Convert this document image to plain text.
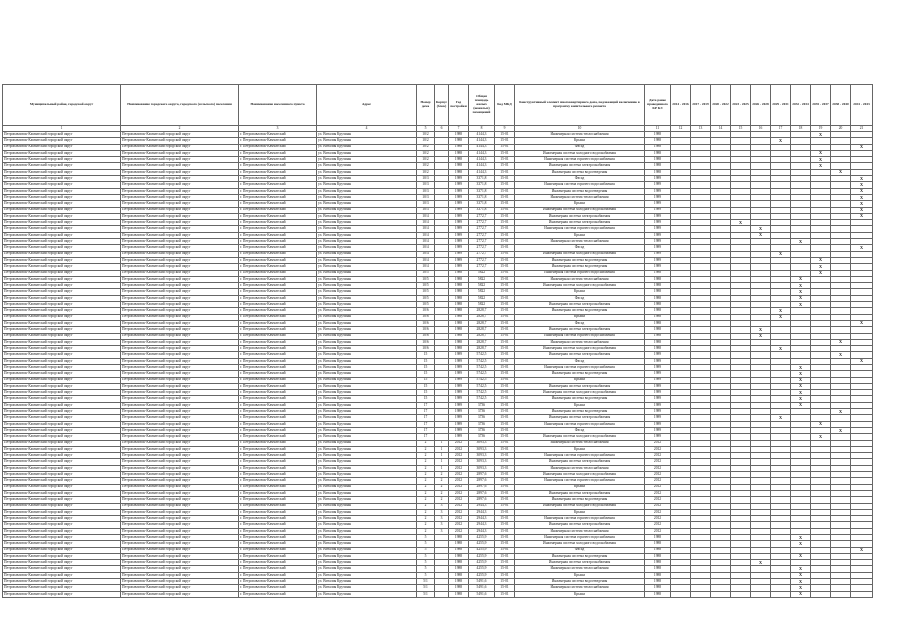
Муниципальный район, городской округ	Наименование городского округа, городского (сельского) поселения	Наименование населенного пункта	Адрес	Номер дома	Корпус (блок)	Год постройки	Общая площадь жилых (нежилых) помещений	Код МКД	Конструктивный элемент многоквартирного дома, подлежащий включению в программу капитального ремонта	Дата ранее проведенного КР КЭ	2014 - 2016	2017 - 2019	2020 - 2022	2023 - 2025	2026 - 2028	2029 - 2031	2032 - 2034	2035 - 2037	2038 - 2040	2041 - 2043
1	2	3	4	5	6	7	8	9	10	11	12	13	14	15	16	17	18	19	20	21
Петропавловск-Камчатский городской округ	Петропавловск-Камчатский городской округ	г. Петропавловск-Камчатский	ул. Виталия Кручины	10/2		1988	4144,3	15-01	Инженерная система теплоснабжения	1988								X		
Петропавловск-Камчатский городской округ	Петропавловск-Камчатский городской округ	г. Петропавловск-Камчатский	ул. Виталия Кручины	10/2		1988	4144,3	15-01	Крыша	1988						X				
Петропавловск-Камчатский городской округ	Петропавловск-Камчатский городской округ	г. Петропавловск-Камчатский	ул. Виталия Кручины	10/2		1988	4144,3	15-01	Фасад	1988										X
Петропавловск-Камчатский городской округ	Петропавловск-Камчатский городской округ	г. Петропавловск-Камчатский	ул. Виталия Кручины	10/2		1988	4144,3	15-01	Инженерная система холодного водоснабжения	1988								X		
Петропавловск-Камчатский городской округ	Петропавловск-Камчатский городской округ	г. Петропавловск-Камчатский	ул. Виталия Кручины	10/2		1988	4144,3	15-01	Инженерная система горячего водоснабжения	1988								X		
Петропавловск-Камчатский городской округ	Петропавловск-Камчатский городской округ	г. Петропавловск-Камчатский	ул. Виталия Кручины	10/2		1988	4144,3	15-01	Инженерная система электроснабжения	1988								X		
Петропавловск-Камчатский городской округ	Петропавловск-Камчатский городской округ	г. Петропавловск-Камчатский	ул. Виталия Кручины	10/2		1988	4144,3	15-01	Инженерная система водоотведения	1988									X	
Петропавловск-Камчатский городской округ	Петропавловск-Камчатский городской округ	г. Петропавловск-Камчатский	ул. Виталия Кручины	10/3		1989	3371,8	15-01	Фасад	1989										X
Петропавловск-Камчатский городской округ	Петропавловск-Камчатский городской округ	г. Петропавловск-Камчатский	ул. Виталия Кручины	10/3		1989	3371,8	15-01	Инженерная система горячего водоснабжения	1989										X
Петропавловск-Камчатский городской округ	Петропавловск-Камчатский городской округ	г. Петропавловск-Камчатский	ул. Виталия Кручины	10/3		1989	3371,8	15-01	Инженерная система водоотведения	1989										X
Петропавловск-Камчатский городской округ	Петропавловск-Камчатский городской округ	г. Петропавловск-Камчатский	ул. Виталия Кручины	10/3		1989	3371,8	15-01	Инженерная система теплоснабжения	1989										X
Петропавловск-Камчатский городской округ	Петропавловск-Камчатский городской округ	г. Петропавловск-Камчатский	ул. Виталия Кручины	10/3		1989	3371,8	15-01	Крыша	1989										X
Петропавловск-Камчатский городской округ	Петропавловск-Камчатский городской округ	г. Петропавловск-Камчатский	ул. Виталия Кручины	10/3		1989	3371,8	15-01	Инженерная система холодного водоснабжения	1989										X
Петропавловск-Камчатский городской округ	Петропавловск-Камчатский городской округ	г. Петропавловск-Камчатский	ул. Виталия Кручины	10/4		1989	2772,7	15-01	Инженерная система электроснабжения	1989										X
Петропавловск-Камчатский городской округ	Петропавловск-Камчатский городской округ	г. Петропавловск-Камчатский	ул. Виталия Кручины	10/4		1989	2772,7	15-01	Инженерная система электроснабжения	1989				X						
Петропавловск-Камчатский городской округ	Петропавловск-Камчатский городской округ	г. Петропавловск-Камчатский	ул. Виталия Кручины	10/4		1989	2772,7	15-01	Инженерная система горячего водоснабжения	1989					X					
Петропавловск-Камчатский городской округ	Петропавловск-Камчатский городской округ	г. Петропавловск-Камчатский	ул. Виталия Кручины	10/4		1989	2772,7	15-01	Крыша	1989					X					
Петропавловск-Камчатский городской округ	Петропавловск-Камчатский городской округ	г. Петропавловск-Камчатский	ул. Виталия Кручины	10/4		1989	2772,7	15-01	Инженерная система теплоснабжения	1989							X			
Петропавловск-Камчатский городской округ	Петропавловск-Камчатский городской округ	г. Петропавловск-Камчатский	ул. Виталия Кручины	10/4		1989	2772,7	15-01	Фасад	1989										X
Петропавловск-Камчатский городской округ	Петропавловск-Камчатский городской округ	г. Петропавловск-Камчатский	ул. Виталия Кручины	10/4		1989	2772,7	15-01	Инженерная система холодного водоснабжения	1989						X				
Петропавловск-Камчатский городской округ	Петропавловск-Камчатский городской округ	г. Петропавловск-Камчатский	ул. Виталия Кручины	10/4		1989	2772,7	15-01	Инженерная система водоотведения	1989								X		
Петропавловск-Камчатский городской округ	Петропавловск-Камчатский городской округ	г. Петропавловск-Камчатский	ул. Виталия Кручины	10/4		1989	2772,7	15-01	Инженерная система водоотведения	1989								X		
Петропавловск-Камчатский городской округ	Петропавловск-Камчатский городской округ	г. Петропавловск-Камчатский	ул. Виталия Кручины	10/5		1988	5822	15-01	Инженерная система горячего водоснабжения	1988								X		
Петропавловск-Камчатский городской округ	Петропавловск-Камчатский городской округ	г. Петропавловск-Камчатский	ул. Виталия Кручины	10/5		1988	5822	15-01	Инженерная система теплоснабжения	1988							X			
Петропавловск-Камчатский городской округ	Петропавловск-Камчатский городской округ	г. Петропавловск-Камчатский	ул. Виталия Кручины	10/5		1988	5822	15-01	Инженерная система холодного водоснабжения	1988							X			
Петропавловск-Камчатский городской округ	Петропавловск-Камчатский городской округ	г. Петропавловск-Камчатский	ул. Виталия Кручины	10/5		1988	5822	15-01	Крыша	1988							X			
Петропавловск-Камчатский городской округ	Петропавловск-Камчатский городской округ	г. Петропавловск-Камчатский	ул. Виталия Кручины	10/5		1988	5822	15-01	Фасад	1988							X			
Петропавловск-Камчатский городской округ	Петропавловск-Камчатский городской округ	г. Петропавловск-Камчатский	ул. Виталия Кручины	10/5		1988	5822	15-01	Инженерная система электроснабжения	1988							X			
Петропавловск-Камчатский городской округ	Петропавловск-Камчатский городской округ	г. Петропавловск-Камчатский	ул. Виталия Кручины	10/6		1988	2828,7	15-01	Инженерная система водоотведения	1988						X				
Петропавловск-Камчатский городской округ	Петропавловск-Камчатский городской округ	г. Петропавловск-Камчатский	ул. Виталия Кручины	10/6		1988	2828,7	15-01	Крыша	1988						X				
Петропавловск-Камчатский городской округ	Петропавловск-Камчатский городской округ	г. Петропавловск-Камчатский	ул. Виталия Кручины	10/6		1988	2828,7	15-01	Фасад	1988										X
Петропавловск-Камчатский городской округ	Петропавловск-Камчатский городской округ	г. Петропавловск-Камчатский	ул. Виталия Кручины	10/6		1988	2828,7	15-01	Инженерная система электроснабжения	1988					X					
Петропавловск-Камчатский городской округ	Петропавловск-Камчатский городской округ	г. Петропавловск-Камчатский	ул. Виталия Кручины	10/6		1988	2828,7	15-01	Инженерная система горячего водоснабжения	1988					X					
Петропавловск-Камчатский городской округ	Петропавловск-Камчатский городской округ	г. Петропавловск-Камчатский	ул. Виталия Кручины	10/6		1988	2828,7	15-01	Инженерная система теплоснабжения	1988									X	
Петропавловск-Камчатский городской округ	Петропавловск-Камчатский городской округ	г. Петропавловск-Камчатский	ул. Виталия Кручины	10/6		1988	2828,7	15-01	Инженерная система холодного водоснабжения	1988						X				
Петропавловск-Камчатский городской округ	Петропавловск-Камчатский городской округ	г. Петропавловск-Камчатский	ул. Виталия Кручины	15		1989	5742,5	15-01	Инженерная система электроснабжения	1989									X	
Петропавловск-Камчатский городской округ	Петропавловск-Камчатский городской округ	г. Петропавловск-Камчатский	ул. Виталия Кручины	15		1989	5742,5	15-01	Фасад	1989										X
Петропавловск-Камчатский городской округ	Петропавловск-Камчатский городской округ	г. Петропавловск-Камчатский	ул. Виталия Кручины	15		1989	5742,5	15-01	Инженерная система горячего водоснабжения	1989							X			
Петропавловск-Камчатский городской округ	Петропавловск-Камчатский городской округ	г. Петропавловск-Камчатский	ул. Виталия Кручины	15		1989	5742,5	15-01	Инженерная система водоотведения	1989							X			
Петропавловск-Камчатский городской округ	Петропавловск-Камчатский городской округ	г. Петропавловск-Камчатский	ул. Виталия Кручины	15		1989	5742,5	15-01	Крыша	1989							X			
Петропавловск-Камчатский городской округ	Петропавловск-Камчатский городской округ	г. Петропавловск-Камчатский	ул. Виталия Кручины	15		1989	5742,5	15-01	Инженерная система электроснабжения	1989							X			
Петропавловск-Камчатский городской округ	Петропавловск-Камчатский городской округ	г. Петропавловск-Камчатский	ул. Виталия Кручины	15		1989	5742,5	15-01	Инженерная система холодного водоснабжения	1989							X			
Петропавловск-Камчатский городской округ	Петропавловск-Камчатский городской округ	г. Петропавловск-Камчатский	ул. Виталия Кручины	15		1989	5742,5	15-01	Инженерная система водоотведения	1989							X			
Петропавловск-Камчатский городской округ	Петропавловск-Камчатский городской округ	г. Петропавловск-Камчатский	ул. Виталия Кручины	17		1989	3736	15-01	Крыша	1989							X			
Петропавловск-Камчатский городской округ	Петропавловск-Камчатский городской округ	г. Петропавловск-Камчатский	ул. Виталия Кручины	17		1989	3736	15-01	Инженерная система водоотведения	1989									X	
Петропавловск-Камчатский городской округ	Петропавловск-Камчатский городской округ	г. Петропавловск-Камчатский	ул. Виталия Кручины	17		1989	3736	15-01	Инженерная система электроснабжения	1989						X				
Петропавловск-Камчатский городской округ	Петропавловск-Камчатский городской округ	г. Петропавловск-Камчатский	ул. Виталия Кручины	17		1989	3736	15-01	Инженерная система горячего водоснабжения	1989								X		
Петропавловск-Камчатский городской округ	Петропавловск-Камчатский городской округ	г. Петропавловск-Камчатский	ул. Виталия Кручины	17		1989	3736	15-01	Фасад	1989									X	
Петропавловск-Камчатский городской округ	Петропавловск-Камчатский городской округ	г. Петропавловск-Камчатский	ул. Виталия Кручины	17		1989	3736	15-01	Инженерная система холодного водоснабжения	1989								X		
Петропавловск-Камчатский городской округ	Петропавловск-Камчатский городской округ	г. Петропавловск-Камчатский	ул. Виталия Кручины	2	1	2012	3093,3	15-01	Инженерная система теплоснабжения	2012										
Петропавловск-Камчатский городской округ	Петропавловск-Камчатский городской округ	г. Петропавловск-Камчатский	ул. Виталия Кручины	2	1	2012	3093,3	15-01	Крыша	2012										
Петропавловск-Камчатский городской округ	Петропавловск-Камчатский городской округ	г. Петропавловск-Камчатский	ул. Виталия Кручины	2	1	2012	3093,3	15-01	Инженерная система горячего водоснабжения	2012										
Петропавловск-Камчатский городской округ	Петропавловск-Камчатский городской округ	г. Петропавловск-Камчатский	ул. Виталия Кручины	2	1	2012	3093,3	15-01	Инженерная система электроснабжения	2012										
Петропавловск-Камчатский городской округ	Петропавловск-Камчатский городской округ	г. Петропавловск-Камчатский	ул. Виталия Кручины	2	1	2012	3093,3	15-01	Инженерная система теплоснабжения	2012										
Петропавловск-Камчатский городской округ	Петропавловск-Камчатский городской округ	г. Петропавловск-Камчатский	ул. Виталия Кручины	2	2	2012	2897,6	15-01	Инженерная система холодного водоснабжения	2012										
Петропавловск-Камчатский городской округ	Петропавловск-Камчатский городской округ	г. Петропавловск-Камчатский	ул. Виталия Кручины	2	2	2012	2897,6	15-01	Инженерная система горячего водоснабжения	2012										
Петропавловск-Камчатский городской округ	Петропавловск-Камчатский городской округ	г. Петропавловск-Камчатский	ул. Виталия Кручины	2	2	2012	2897,6	15-01	Крыша	2012										
Петропавловск-Камчатский городской округ	Петропавловск-Камчатский городской округ	г. Петропавловск-Камчатский	ул. Виталия Кручины	2	2	2012	2897,6	15-01	Инженерная система электроснабжения	2012										
Петропавловск-Камчатский городской округ	Петропавловск-Камчатский городской округ	г. Петропавловск-Камчатский	ул. Виталия Кручины	2	2	2012	2897,6	15-01	Инженерная система водоотведения	2012										
Петропавловск-Камчатский городской округ	Петропавловск-Камчатский городской округ	г. Петропавловск-Камчатский	ул. Виталия Кручины	2	3	2012	2944,3	15-01	Инженерная система холодного водоснабжения	2012										
Петропавловск-Камчатский городской округ	Петропавловск-Камчатский городской округ	г. Петропавловск-Камчатский	ул. Виталия Кручины	2	3	2012	2944,3	15-01	Крыша	2012										
Петропавловск-Камчатский городской округ	Петропавловск-Камчатский городской округ	г. Петропавловск-Камчатский	ул. Виталия Кручины	2	3	2012	2944,3	15-01	Инженерная система горячего водоснабжения	2012										
Петропавловск-Камчатский городской округ	Петропавловск-Камчатский городской округ	г. Петропавловск-Камчатский	ул. Виталия Кручины	2	3	2012	2944,3	15-01	Инженерная система электроснабжения	2012										
Петропавловск-Камчатский городской округ	Петропавловск-Камчатский городской округ	г. Петропавловск-Камчатский	ул. Виталия Кручины	2	3	2012	2944,3	15-01	Инженерная система теплоснабжения	2012										
Петропавловск-Камчатский городской округ	Петропавловск-Камчатский городской округ	г. Петропавловск-Камчатский	ул. Виталия Кручины	5		1988	4255,9	15-01	Инженерная система горячего водоснабжения	1988							X			
Петропавловск-Камчатский городской округ	Петропавловск-Камчатский городской округ	г. Петропавловск-Камчатский	ул. Виталия Кручины	5		1988	4255,9	15-01	Инженерная система холодного водоснабжения	1988							X			
Петропавловск-Камчатский городской округ	Петропавловск-Камчатский городской округ	г. Петропавловск-Камчатский	ул. Виталия Кручины	5		1988	4255,9	15-01	Фасад	1988										X
Петропавловск-Камчатский городской округ	Петропавловск-Камчатский городской округ	г. Петропавловск-Камчатский	ул. Виталия Кручины	5		1988	4255,9	15-01	Инженерная система водоотведения	1988							X			
Петропавловск-Камчатский городской округ	Петропавловск-Камчатский городской округ	г. Петропавловск-Камчатский	ул. Виталия Кручины	5		1988	4255,9	15-01	Инженерная система электроснабжения	1988					X					
Петропавловск-Камчатский городской округ	Петропавловск-Камчатский городской округ	г. Петропавловск-Камчатский	ул. Виталия Кручины	5		1988	4255,9	15-01	Инженерная система теплоснабжения	1988							X			
Петропавловск-Камчатский городской округ	Петропавловск-Камчатский городской округ	г. Петропавловск-Камчатский	ул. Виталия Кручины	5		1988	4255,9	15-01	Крыша	1988							X			
Петропавловск-Камчатский городской округ	Петропавловск-Камчатский городской округ	г. Петропавловск-Камчатский	ул. Виталия Кручины	5/1		1988	5491,6	15-01	Инженерная система водоотведения	1988							X			
Петропавловск-Камчатский городской округ	Петропавловск-Камчатский городской округ	г. Петропавловск-Камчатский	ул. Виталия Кручины	5/1		1988	5491,6	15-01	Инженерная система теплоснабжения	1988							X			
Петропавловск-Камчатский городской округ	Петропавловск-Камчатский городской округ	г. Петропавловск-Камчатский	ул. Виталия Кручины	5/1		1988	5491,6	15-01	Крыша	1988							X			
